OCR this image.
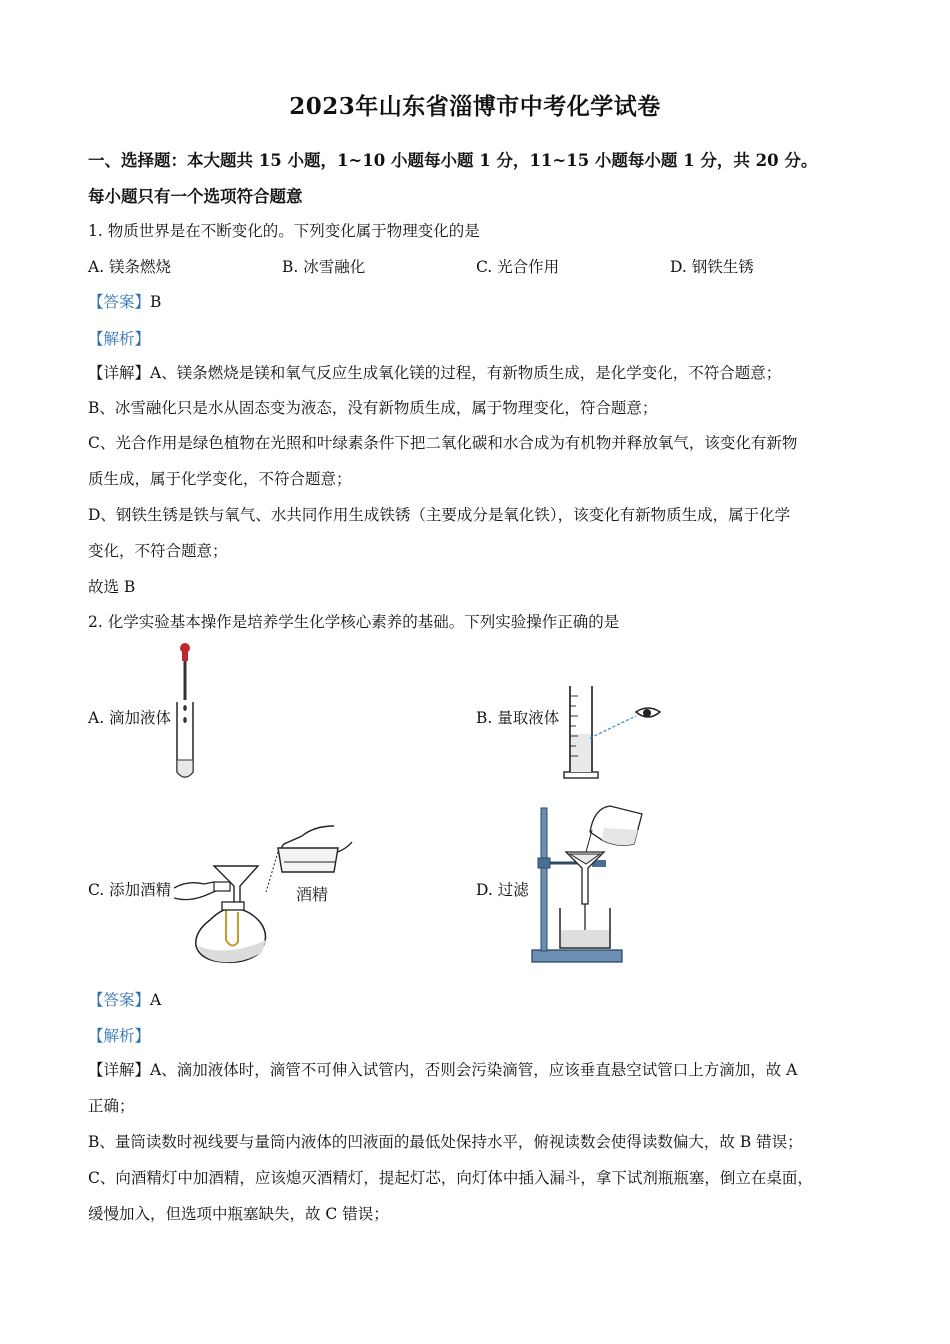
2023年山东省淄博市中考化学试卷
一、选择题：本大题共 15 小题，1~10 小题每小题 1 分，11~15 小题每小题 1 分，共 20 分。
每小题只有一个选项符合题意
1. 物质世界是在不断变化的。下列变化属于物理变化的是
A. 镁条燃烧	B. 冰雪融化	C. 光合作用	D. 钢铁生锈
【答案】B
【解析】
【详解】A、镁条燃烧是镁和氧气反应生成氧化镁的过程，有新物质生成，是化学变化，不符合题意；
B、冰雪融化只是水从固态变为液态，没有新物质生成，属于物理变化，符合题意；
C、光合作用是绿色植物在光照和叶绿素条件下把二氧化碳和水合成为有机物并释放氧气，该变化有新物
质生成，属于化学变化，不符合题意；
D、钢铁生锈是铁与氧气、水共同作用生成铁锈（主要成分是氧化铁），该变化有新物质生成，属于化学
变化，不符合题意；
故选 B
2. 化学实验基本操作是培养学生化学核心素养的基础。下列实验操作正确的是
A. 滴加液体	B. 量取液体
C. 添加酒精	酒精	D. 过滤
【答案】A
【解析】
【详解】A、滴加液体时，滴管不可伸入试管内，否则会污染滴管，应该垂直悬空试管口上方滴加，故 A
正确；
B、量筒读数时视线要与量筒内液体的凹液面的最低处保持水平，俯视读数会使得读数偏大，故 B 错误；
C、向酒精灯中加酒精，应该熄灭酒精灯，提起灯芯，向灯体中插入漏斗，拿下试剂瓶瓶塞，倒立在桌面，
缓慢加入，但选项中瓶塞缺失，故 C 错误；
